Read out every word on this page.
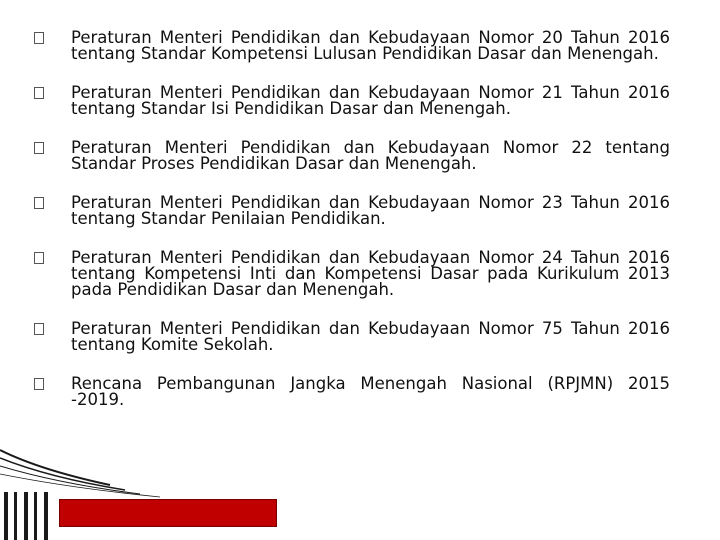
Peraturan Menteri Pendidikan dan Kebudayaan Nomor 20 Tahun 2016 tentang Standar Kompetensi Lulusan Pendidikan Dasar dan Menengah.
Peraturan Menteri Pendidikan dan Kebudayaan Nomor 21 Tahun 2016 tentang Standar Isi Pendidikan Dasar dan Menengah.
Peraturan Menteri Pendidikan dan Kebudayaan Nomor 22 tentang Standar Proses Pendidikan Dasar dan Menengah.
Peraturan Menteri Pendidikan dan Kebudayaan Nomor 23 Tahun 2016 tentang Standar Penilaian Pendidikan.
Peraturan Menteri Pendidikan dan Kebudayaan Nomor 24 Tahun 2016 tentang Kompetensi Inti dan Kompetensi Dasar pada Kurikulum 2013 pada Pendidikan Dasar dan Menengah.
Peraturan Menteri Pendidikan dan Kebudayaan Nomor 75 Tahun 2016 tentang Komite Sekolah.
Rencana Pembangunan Jangka Menengah Nasional (RPJMN) 2015 -2019.
